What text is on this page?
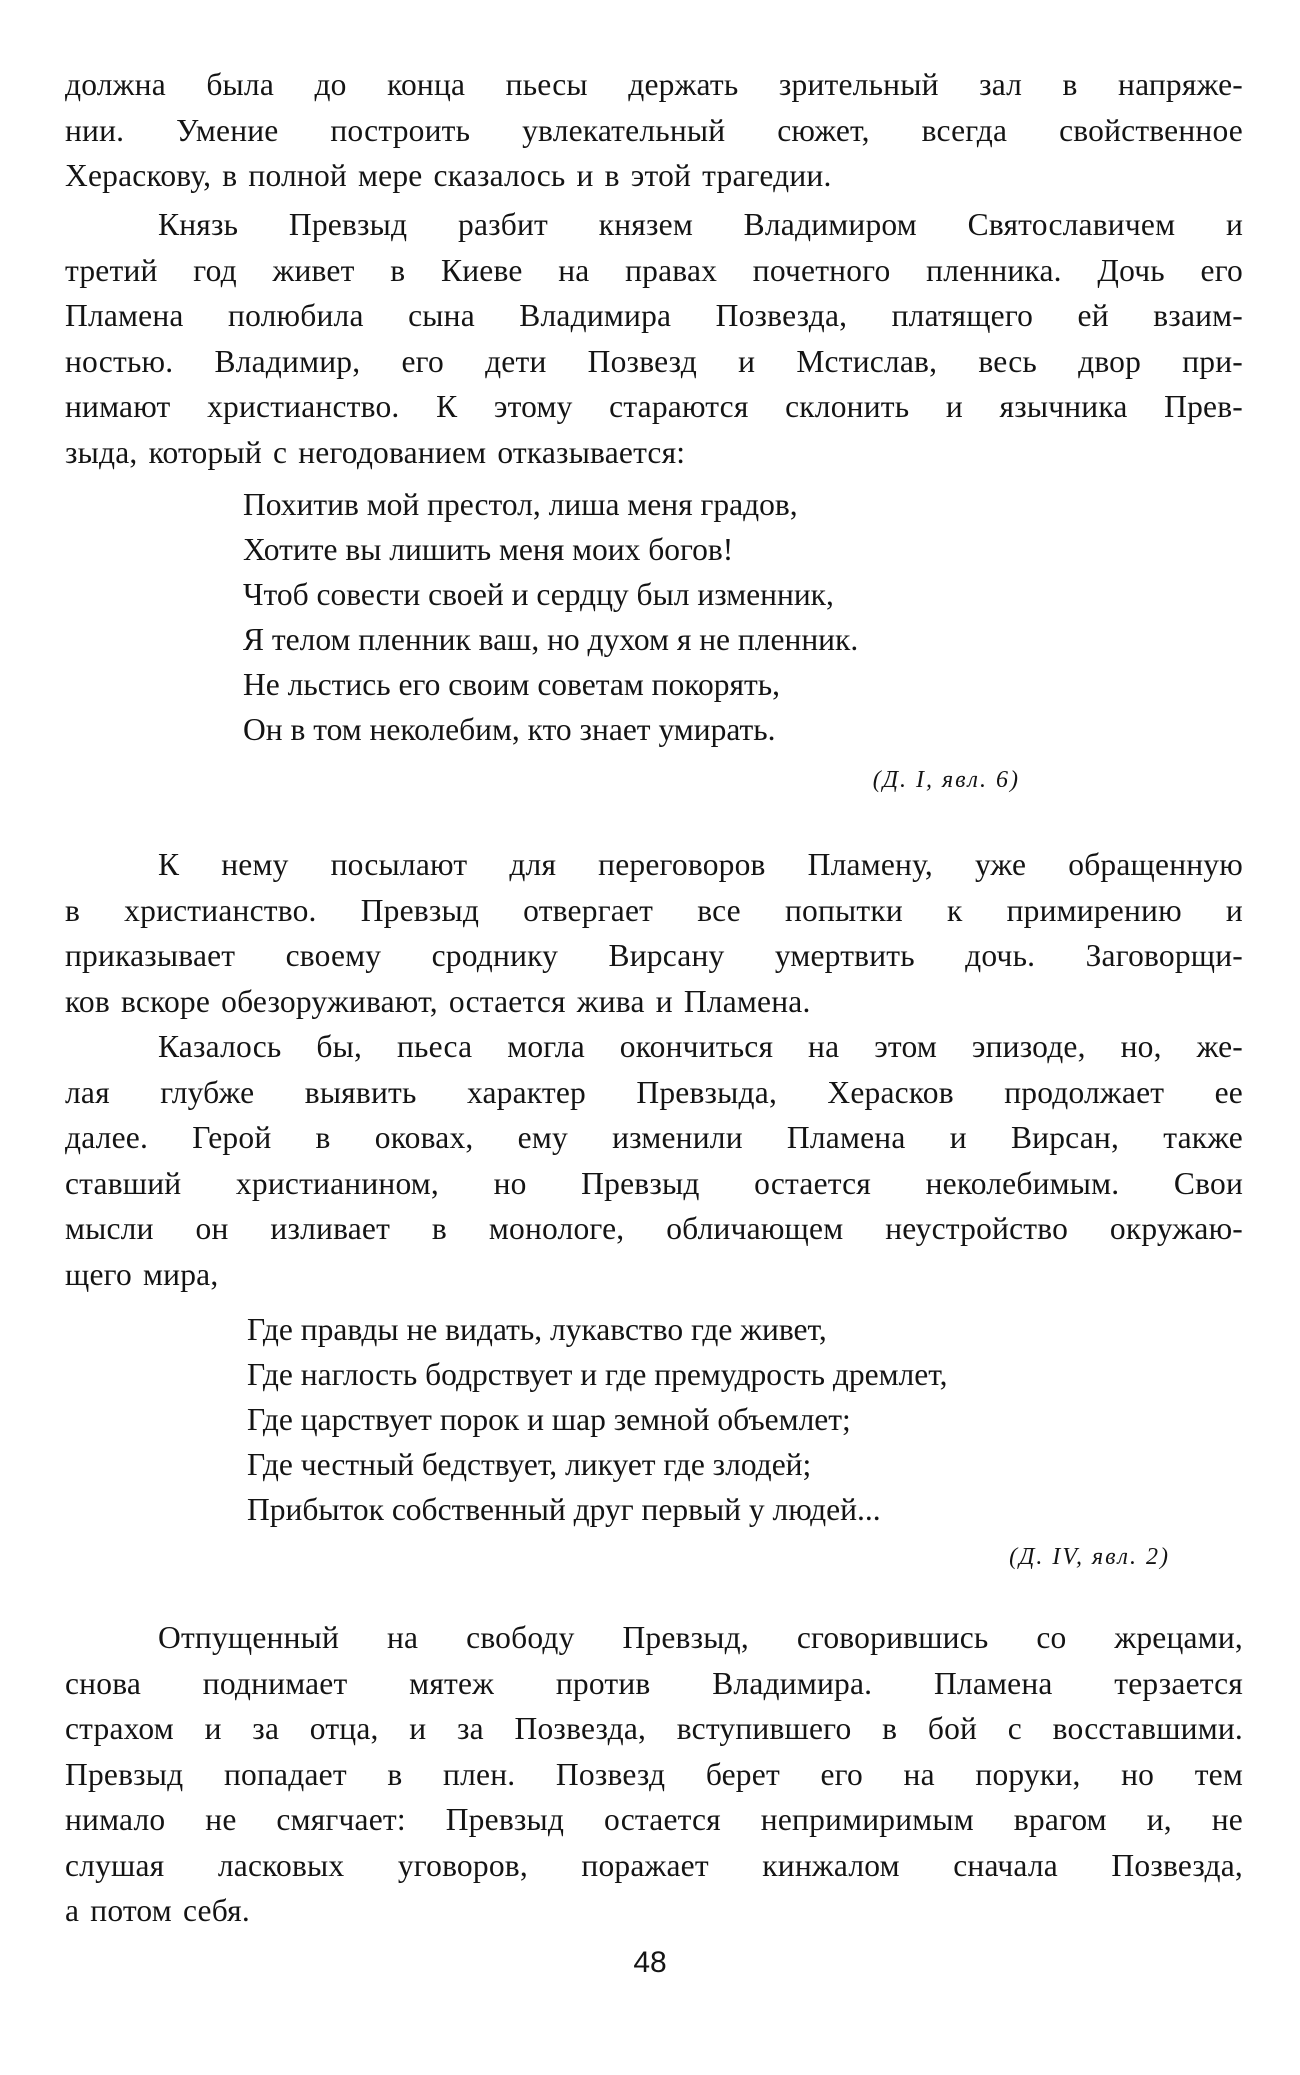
должна была до конца пьесы держать зрительный зал в напряже-
нии. Умение построить увлекательный сюжет, всегда свойственное
Хераскову, в полной мере сказалось и в этой трагедии.

Князь Превзыд разбит князем Владимиром Святославичем и
третий год живет в Киеве на правах почетного пленника. Дочь его
Пламена полюбила сына Владимира Позвезда, платящего ей взаим-
ностью. Владимир, его дети Позвезд и Мстислав, весь двор при-
нимают христианство. К этому стараются склонить и язычника Прев-
зыда, который с негодованием отказывается:

Похитив мой престол, лиша меня градов,
Хотите вы лишить меня моих богов!
Чтоб совести своей и сердцу был изменник,
Я телом пленник ваш, но духом я не пленник.
Не льстись его своим советам покорять,
Он в том неколебим, кто знает умирать.

(Д. I, явл. 6)

К нему посылают для переговоров Пламену, уже обращенную
в христианство. Превзыд отвергает все попытки к примирению и
приказывает своему сроднику Вирсану умертвить дочь. Заговорщи-
ков вскоре обезоруживают, остается жива и Пламена.

Казалось бы, пьеса могла окончиться на этом эпизоде, но, же-
лая глубже выявить характер Превзыда, Херасков продолжает ее
далее. Герой в оковах, ему изменили Пламена и Вирсан, также
ставший христианином, но Превзыд остается неколебимым. Свои
мысли он изливает в монологе, обличающем неустройство окружаю-
щего мира,

Где правды не видать, лукавство где живет,
Где наглость бодрствует и где премудрость дремлет,
Где царствует порок и шар земной объемлет;
Где честный бедствует, ликует где злодей;
Прибыток собственный друг первый у людей...

(Д. IV, явл. 2)

Отпущенный на свободу Превзыд, сговорившись со жрецами,
снова поднимает мятеж против Владимира. Пламена терзается
страхом и за отца, и за Позвезда, вступившего в бой с восставшими.
Превзыд попадает в плен. Позвезд берет его на поруки, но тем
нимало не смягчает: Превзыд остается непримиримым врагом и, не
слушая ласковых уговоров, поражает кинжалом сначала Позвезда,
а потом себя.

48
